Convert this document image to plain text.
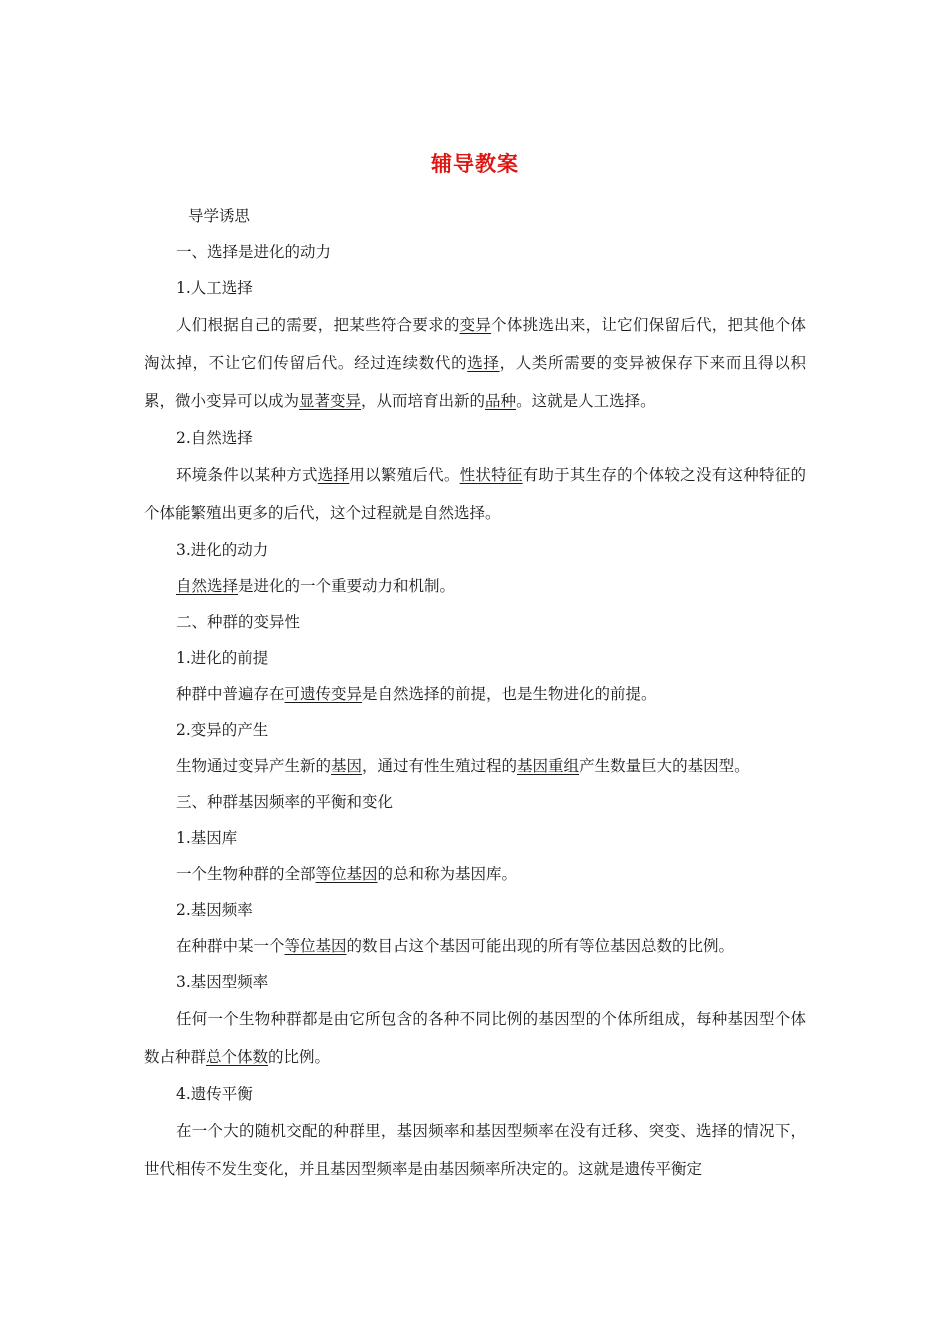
辅导教案
导学诱思
一、选择是进化的动力
1.人工选择
人们根据自己的需要，把某些符合要求的变异个体挑选出来，让它们保留后代，把其他个体淘汰掉，不让它们传留后代。经过连续数代的选择，人类所需要的变异被保存下来而且得以积累，微小变异可以成为显著变异，从而培育出新的品种。这就是人工选择。
2.自然选择
环境条件以某种方式选择用以繁殖后代。性状特征有助于其生存的个体较之没有这种特征的个体能繁殖出更多的后代，这个过程就是自然选择。
3.进化的动力
自然选择是进化的一个重要动力和机制。
二、种群的变异性
1.进化的前提
种群中普遍存在可遗传变异是自然选择的前提，也是生物进化的前提。
2.变异的产生
生物通过变异产生新的基因，通过有性生殖过程的基因重组产生数量巨大的基因型。
三、种群基因频率的平衡和变化
1.基因库
一个生物种群的全部等位基因的总和称为基因库。
2.基因频率
在种群中某一个等位基因的数目占这个基因可能出现的所有等位基因总数的比例。
3.基因型频率
任何一个生物种群都是由它所包含的各种不同比例的基因型的个体所组成，每种基因型个体数占种群总个体数的比例。
4.遗传平衡
在一个大的随机交配的种群里，基因频率和基因型频率在没有迁移、突变、选择的情况下，世代相传不发生变化，并且基因型频率是由基因频率所决定的。这就是遗传平衡定
